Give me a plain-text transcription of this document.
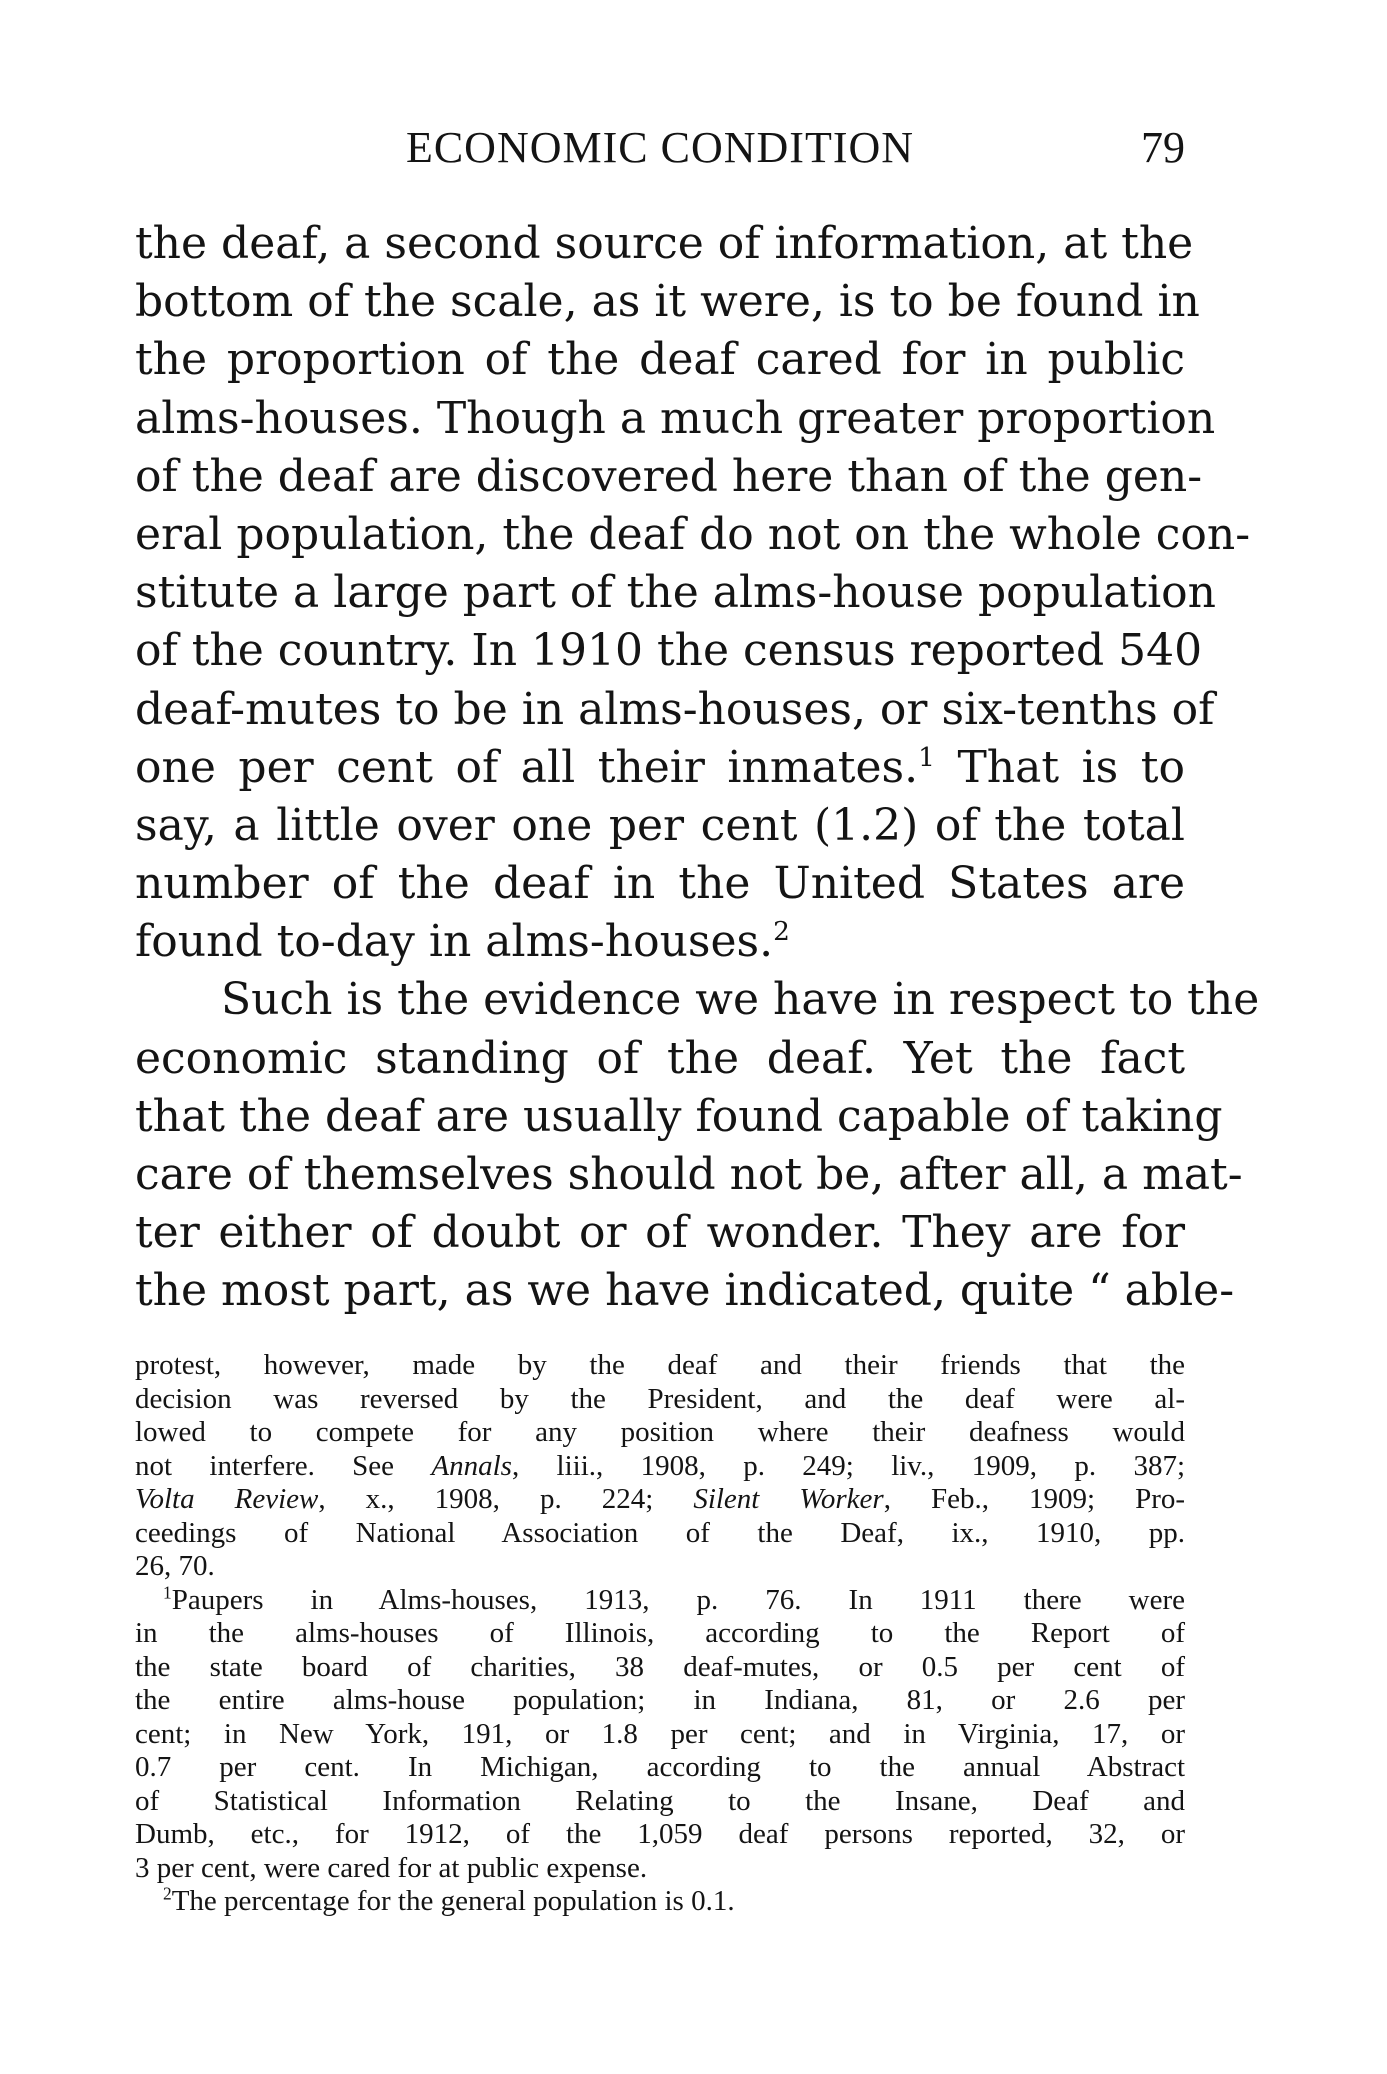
ECONOMIC CONDITION	79
the deaf, a second source of information, at the
bottom of the scale, as it were, is to be found in
the proportion of the deaf cared for in public
alms-houses. Though a much greater proportion
of the deaf are discovered here than of the gen-
eral population, the deaf do not on the whole con-
stitute a large part of the alms-house population
of the country. In 1910 the census reported 540
deaf-mutes to be in alms-houses, or six-tenths of
one per cent of all their inmates.$^1$ That is to
say, a little over one per cent (1.2) of the total
number of the deaf in the United States are
found to-day in alms-houses.$^2$
Such is the evidence we have in respect to the
economic standing of the deaf. Yet the fact
that the deaf are usually found capable of taking
care of themselves should not be, after all, a mat-
ter either of doubt or of wonder. They are for
the most part, as we have indicated, quite “ able-
protest, however, made by the deaf and their friends that the
decision was reversed by the President, and the deaf were al-
lowed to compete for any position where their deafness would
not interfere. See Annals, liii., 1908, p. 249; liv., 1909, p. 387;
Volta Review, x., 1908, p. 224; Silent Worker, Feb., 1909; Pro-
ceedings of National Association of the Deaf, ix., 1910, pp.
26, 70.
$^1$Paupers in Alms-houses, 1913, p. 76. In 1911 there were
in the alms-houses of Illinois, according to the Report of
the state board of charities, 38 deaf-mutes, or 0.5 per cent of
the entire alms-house population; in Indiana, 81, or 2.6 per
cent; in New York, 191, or 1.8 per cent; and in Virginia, 17, or
0.7 per cent. In Michigan, according to the annual Abstract
of Statistical Information Relating to the Insane, Deaf and
Dumb, etc., for 1912, of the 1,059 deaf persons reported, 32, or
3 per cent, were cared for at public expense.
$^2$The percentage for the general population is 0.1.
